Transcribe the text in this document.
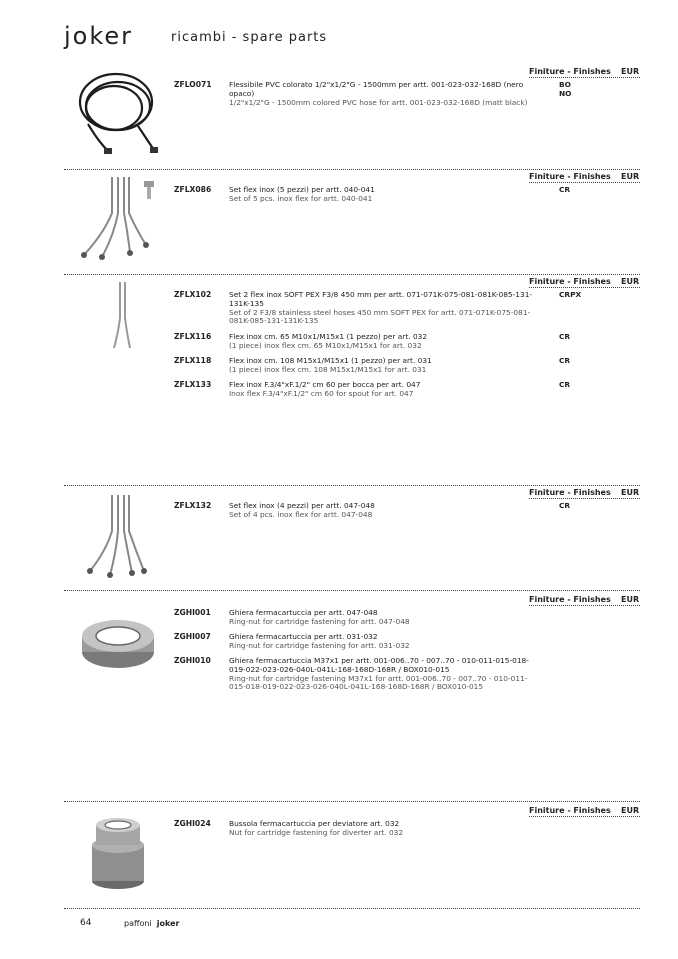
joker	ricambi - spare parts
Finiture - Finishes EUR
ZFLO071 Flessibile PVC colorato 1/2"x1/2"G - 1500mm per artt. 001-023-032-168D (nero opaco)
1/2"x1/2"G - 1500mm colored PVC hose for artt. 001-023-032-168D (matt black)
BO
NO
Finiture - Finishes EUR
ZFLX086 Set flex inox (5 pezzi) per artt. 040-041
Set of 5 pcs. inox flex for artt. 040-041
CR
Finiture - Finishes EUR
ZFLX102 Set 2 flex inox SOFT PEX F3/8 450 mm per artt. 071-071K-075-081-081K-085-131-131K-135
Set of 2 F3/8 stainless steel hoses 450 mm SOFT PEX for artt. 071-071K-075-081-081K-085-131-131K-135
CRPX
ZFLX116 Flex inox cm. 65 M10x1/M15x1 (1 pezzo) per art. 032
(1 piece) inox flex cm. 65 M10x1/M15x1 for art. 032
CR
ZFLX118 Flex inox cm. 108 M15x1/M15x1 (1 pezzo) per art. 031
(1 piece) inox flex cm. 108 M15x1/M15x1 for art. 031
CR
ZFLX133 Flex inox F.3/4"xF.1/2" cm 60 per bocca per art. 047
Inox flex F.3/4"xF.1/2" cm 60 for spout for art. 047
CR
Finiture - Finishes EUR
ZFLX132 Set flex inox (4 pezzi) per artt. 047-048
Set of 4 pcs. inox flex for artt. 047-048
CR
Finiture - Finishes EUR
ZGHI001 Ghiera fermacartuccia per artt. 047-048
Ring-nut for cartridge fastening for artt. 047-048
ZGHI007 Ghiera fermacartuccia per artt. 031-032
Ring-nut for cartridge fastening for artt. 031-032
ZGHI010 Ghiera fermacartuccia M37x1 per artt. 001-006..70 - 007..70 - 010-011-015-018-019-022-023-026-040L-041L-168-168D-168R / BOX010-015
Ring-nut for cartridge fastening M37x1 for artt. 001-006..70 - 007..70 - 010-011-015-018-019-022-023-026-040L-041L-168-168D-168R / BOX010-015
Finiture - Finishes EUR
ZGHI024 Bussola fermacartuccia per deviatore art. 032
Nut for cartridge fastening for diverter art. 032
64	paffoni joker
